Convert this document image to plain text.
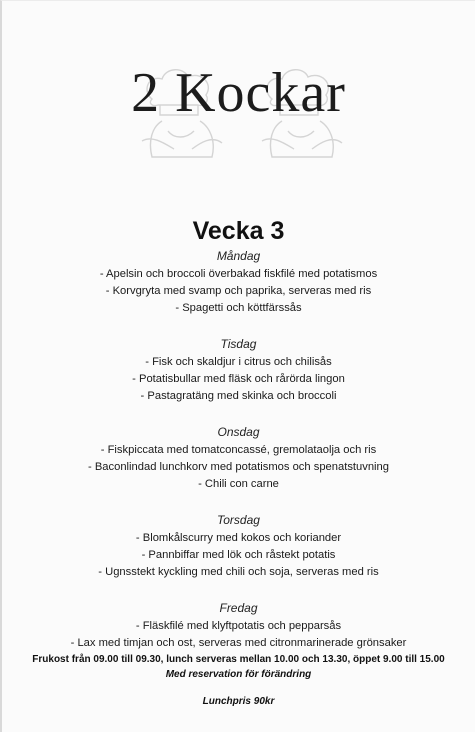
2 Kockar
Vecka 3
Måndag

- Apelsin och broccoli överbakad fiskfilé med potatismos

- Korvgryta med svamp och paprika, serveras med ris

- Spagetti och köttfärssås

Tisdag

- Fisk och skaldjur i citrus och chilisås

- Potatisbullar med fläsk och rårörda lingon

- Pastagratäng med skinka och broccoli

Onsdag

- Fiskpiccata med tomatconcassé, gremolataolja och ris

- Baconlindad lunchkorv med potatismos och spenatstuvning

- Chili con carne

Torsdag

- Blomkålscurry med kokos och koriander

- Pannbiffar med lök och råstekt potatis

- Ugnsstekt kyckling med chili och soja, serveras med ris

Fredag

- Fläskfilé med klyftpotatis och pepparsås

- Lax med timjan och ost, serveras med citronmarinerade grönsaker

Frukost från 09.00 till 09.30, lunch serveras mellan 10.00 och 13.30, öppet 9.00 till 15.00

Med reservation för förändring

Lunchpris 90kr
